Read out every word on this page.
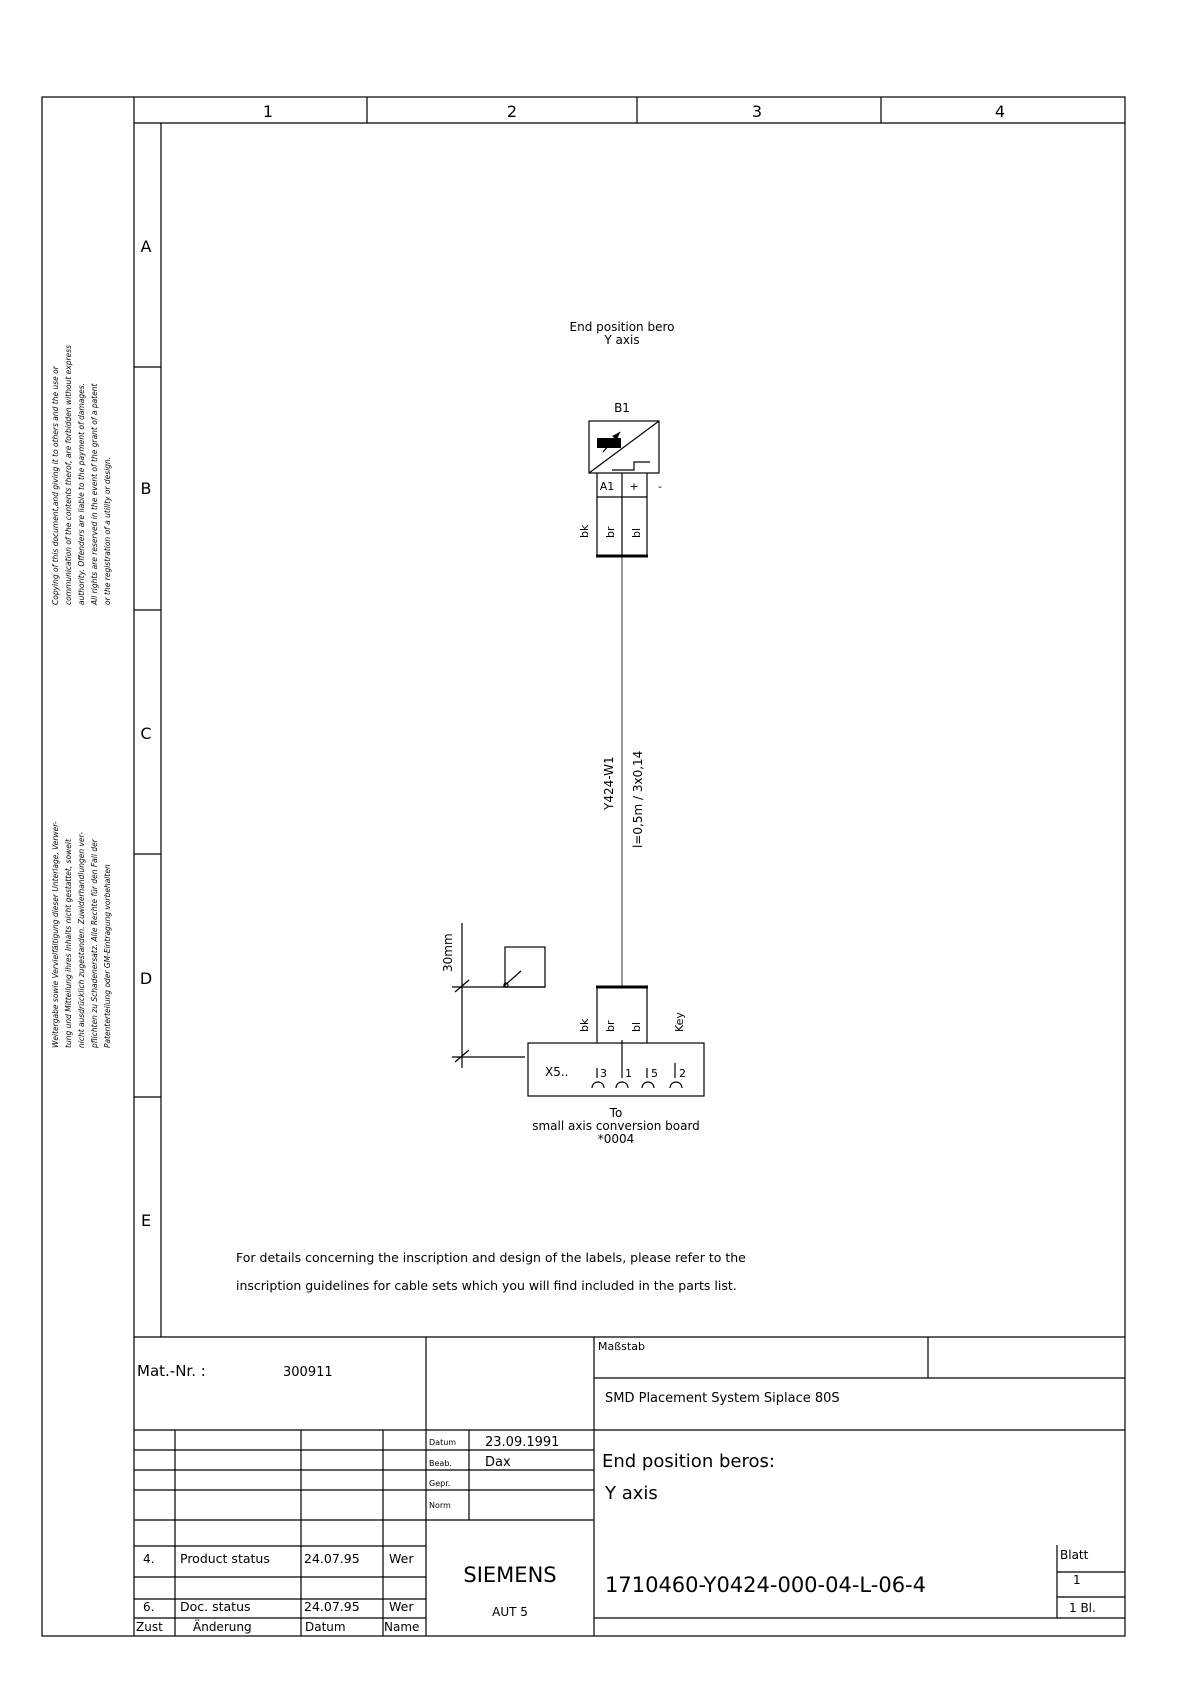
1	2	3	4
A
B
C
D
E
Copying of this document,and giving it to others and the use or communication of the contents therof, are forbidden without express authority. Offenders are liable to the payment of damages. All rights are reserved in the event of the grant of a patent or the registration of a utility or design.
Weitergabe sowie Vervielfältigung dieser Unterlage, Verwer- tung und Mitteilung ihres Inhalts nicht gestattet, soweit nicht ausdrücklich zugestanden. Zuwiderhandlungen ver- pflichten zu Schadenersatz. Alle Rechte für den Fall der Patenterteilung oder GM-Eintragung vorbehalten
End position bero
Y axis
B1
A1 + -
bk br bl
Y424-W1 l=0,5m / 3x0,14
30mm
bk br bl	Key
X5..	3 1 5 2
To
small axis conversion board
*0004
For details concerning the inscription and design of the labels, please refer to the
inscription guidelines for cable sets which you will find included in the parts list.
Mat.-Nr. :	300911
Maßstab
SMD Placement System Siplace 80S
Datum 23.09.1991
Beab.	Dax
Gepr.
Norm
End position beros:
Y axis
4. Product status	24.07.95 Wer
6. Doc. status	24.07.95 Wer
Zust	Änderung	Datum	Name
SIEMENS
AUT 5
1710460-Y0424-000-04-L-06-4
Blatt
1
1 Bl.
